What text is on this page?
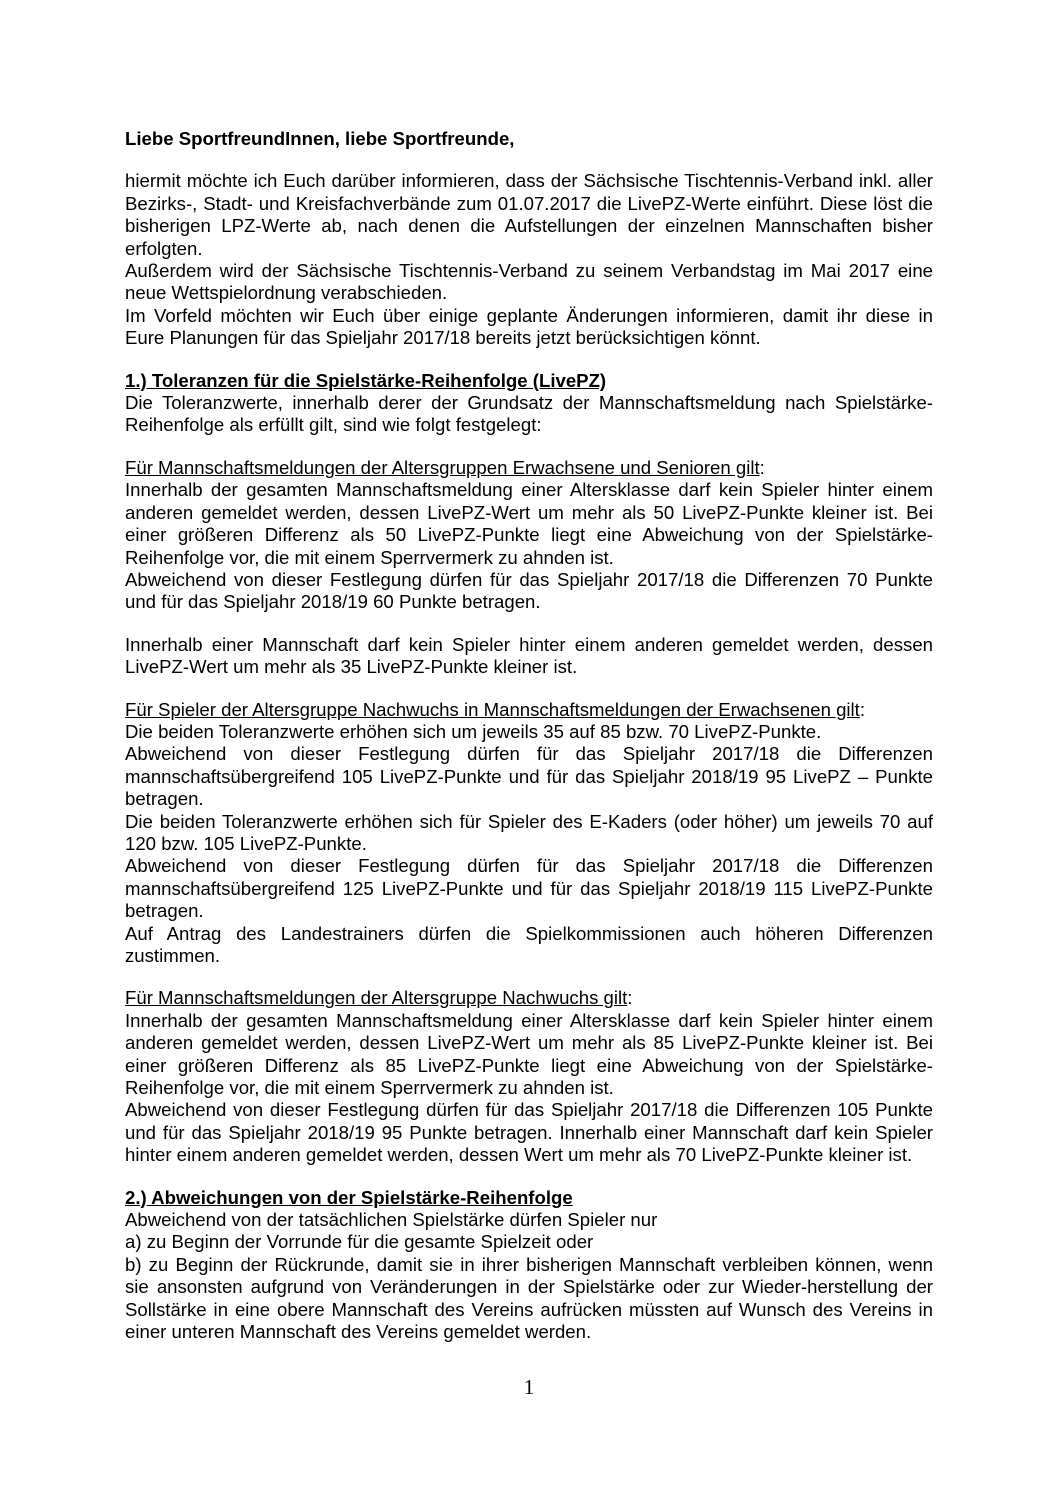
Liebe SportfreundInnen, liebe Sportfreunde,

hiermit möchte ich Euch darüber informieren, dass der Sächsische Tischtennis-Verband inkl. aller Bezirks-, Stadt- und Kreisfachverbände zum 01.07.2017 die LivePZ-Werte einführt. Diese löst die bisherigen LPZ-Werte ab, nach denen die Aufstellungen der einzelnen Mannschaften bisher erfolgten.

Außerdem wird der Sächsische Tischtennis-Verband zu seinem Verbandstag im Mai 2017 eine neue Wettspielordnung verabschieden.

Im Vorfeld möchten wir Euch über einige geplante Änderungen informieren, damit ihr diese in Eure Planungen für das Spieljahr 2017/18 bereits jetzt berücksichtigen könnt.

1.) Toleranzen für die Spielstärke-Reihenfolge (LivePZ)

Die Toleranzwerte, innerhalb derer der Grundsatz der Mannschaftsmeldung nach Spielstärke-Reihenfolge als erfüllt gilt, sind wie folgt festgelegt:

Für Mannschaftsmeldungen der Altersgruppen Erwachsene und Senioren gilt:

Innerhalb der gesamten Mannschaftsmeldung einer Altersklasse darf kein Spieler hinter einem anderen gemeldet werden, dessen LivePZ-Wert um mehr als 50 LivePZ-Punkte kleiner ist. Bei einer größeren Differenz als 50 LivePZ-Punkte liegt eine Abweichung von der Spielstärke-Reihenfolge vor, die mit einem Sperrvermerk zu ahnden ist.

Abweichend von dieser Festlegung dürfen für das Spieljahr 2017/18 die Differenzen 70 Punkte und für das Spieljahr 2018/19 60 Punkte betragen.

Innerhalb einer Mannschaft darf kein Spieler hinter einem anderen gemeldet werden, dessen LivePZ-Wert um mehr als 35 LivePZ-Punkte kleiner ist.

Für Spieler der Altersgruppe Nachwuchs in Mannschaftsmeldungen der Erwachsenen gilt:

Die beiden Toleranzwerte erhöhen sich um jeweils 35 auf 85 bzw. 70 LivePZ-Punkte.

Abweichend von dieser Festlegung dürfen für das Spieljahr 2017/18 die Differenzen mannschaftsübergreifend 105 LivePZ-Punkte und für das Spieljahr 2018/19 95 LivePZ – Punkte betragen.

Die beiden Toleranzwerte erhöhen sich für Spieler des E-Kaders (oder höher) um jeweils 70 auf 120 bzw. 105 LivePZ-Punkte.

Abweichend von dieser Festlegung dürfen für das Spieljahr 2017/18 die Differenzen mannschaftsübergreifend 125 LivePZ-Punkte und für das Spieljahr 2018/19 115 LivePZ-Punkte betragen.

Auf Antrag des Landestrainers dürfen die Spielkommissionen auch höheren Differenzen zustimmen.

Für Mannschaftsmeldungen der Altersgruppe Nachwuchs gilt:

Innerhalb der gesamten Mannschaftsmeldung einer Altersklasse darf kein Spieler hinter einem anderen gemeldet werden, dessen LivePZ-Wert um mehr als 85 LivePZ-Punkte kleiner ist. Bei einer größeren Differenz als 85 LivePZ-Punkte liegt eine Abweichung von der Spielstärke-Reihenfolge vor, die mit einem Sperrvermerk zu ahnden ist.

Abweichend von dieser Festlegung dürfen für das Spieljahr 2017/18 die Differenzen 105 Punkte und für das Spieljahr 2018/19 95 Punkte betragen. Innerhalb einer Mannschaft darf kein Spieler hinter einem anderen gemeldet werden, dessen Wert um mehr als 70 LivePZ-Punkte kleiner ist.

2.) Abweichungen von der Spielstärke-Reihenfolge

Abweichend von der tatsächlichen Spielstärke dürfen Spieler nur

a) zu Beginn der Vorrunde für die gesamte Spielzeit oder

b) zu Beginn der Rückrunde, damit sie in ihrer bisherigen Mannschaft verbleiben können, wenn sie ansonsten aufgrund von Veränderungen in der Spielstärke oder zur Wieder-herstellung der Sollstärke in eine obere Mannschaft des Vereins aufrücken müssten auf Wunsch des Vereins in einer unteren Mannschaft des Vereins gemeldet werden.

1
